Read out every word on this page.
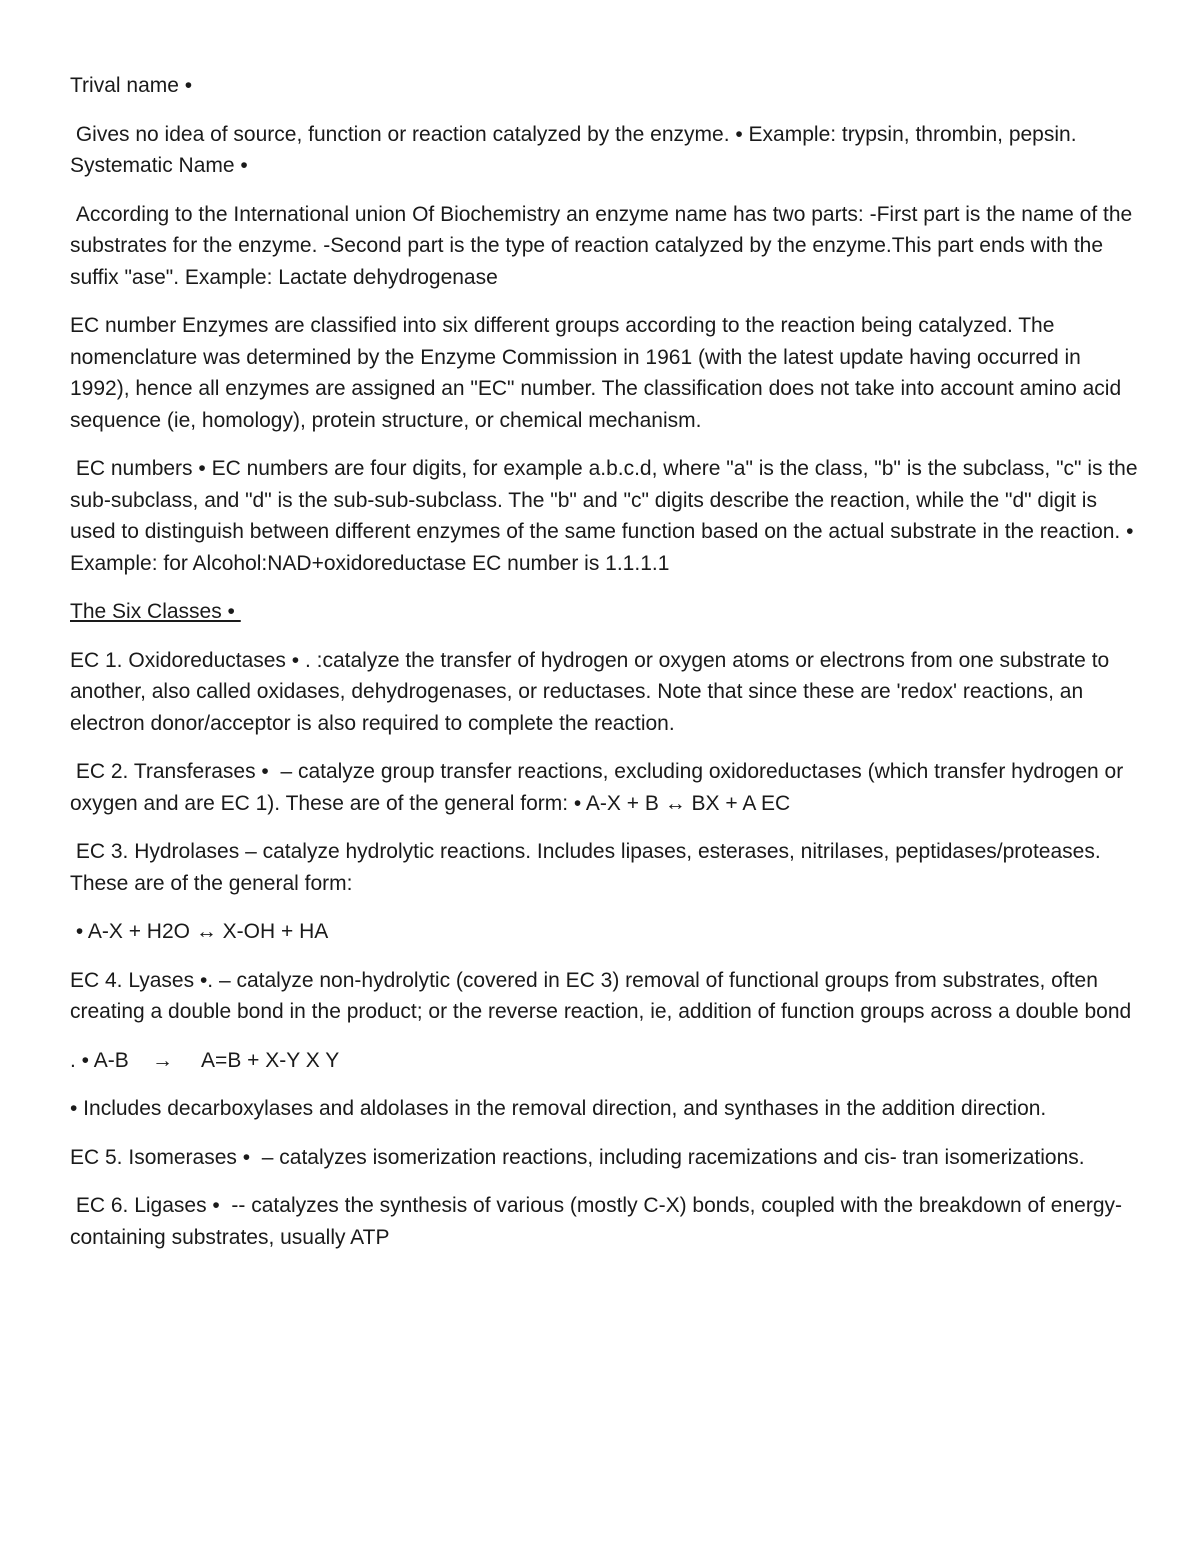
Trival name •

Gives no idea of source, function or reaction catalyzed by the enzyme. • Example: trypsin, thrombin, pepsin. Systematic Name •

According to the International union Of Biochemistry an enzyme name has two parts: -First part is the name of the substrates for the enzyme. -Second part is the type of reaction catalyzed by the enzyme.This part ends with the suffix "ase". Example: Lactate dehydrogenase

EC number Enzymes are classified into six different groups according to the reaction being catalyzed. The nomenclature was determined by the Enzyme Commission in 1961 (with the latest update having occurred in 1992), hence all enzymes are assigned an "EC" number. The classification does not take into account amino acid sequence (ie, homology), protein structure, or chemical mechanism.

EC numbers • EC numbers are four digits, for example a.b.c.d, where "a" is the class, "b" is the subclass, "c" is the sub-subclass, and "d" is the sub-sub-subclass. The "b" and "c" digits describe the reaction, while the "d" digit is used to distinguish between different enzymes of the same function based on the actual substrate in the reaction. • Example: for Alcohol:NAD+oxidoreductase EC number is 1.1.1.1

The Six Classes •

EC 1. Oxidoreductases • . :catalyze the transfer of hydrogen or oxygen atoms or electrons from one substrate to another, also called oxidases, dehydrogenases, or reductases. Note that since these are 'redox' reactions, an electron donor/acceptor is also required to complete the reaction.

EC 2. Transferases •  – catalyze group transfer reactions, excluding oxidoreductases (which transfer hydrogen or oxygen and are EC 1). These are of the general form: • A-X + B ↔ BX + A EC

EC 3. Hydrolases – catalyze hydrolytic reactions. Includes lipases, esterases, nitrilases, peptidases/proteases. These are of the general form:

• A-X + H2O ↔ X-OH + HA

EC 4. Lyases •. – catalyze non-hydrolytic (covered in EC 3) removal of functional groups from substrates, often creating a double bond in the product; or the reverse reaction, ie, addition of function groups across a double bond

. • A-B    →     A=B + X-Y X Y

• Includes decarboxylases and aldolases in the removal direction, and synthases in the addition direction.

EC 5. Isomerases •  – catalyzes isomerization reactions, including racemizations and cis- tran isomerizations.

EC 6. Ligases •  -- catalyzes the synthesis of various (mostly C-X) bonds, coupled with the breakdown of energy-containing substrates, usually ATP
